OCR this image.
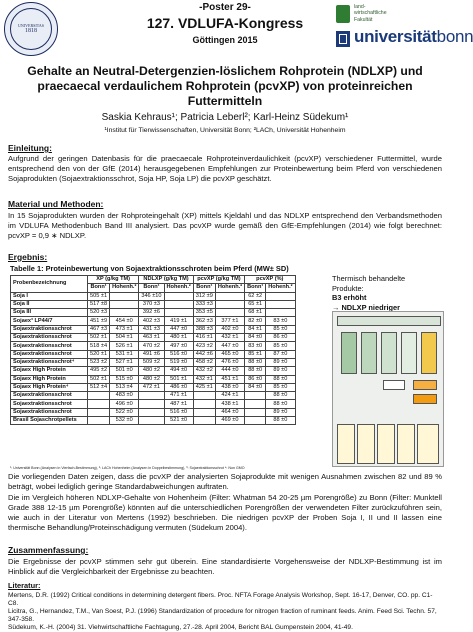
UNIVERSITAS
1818
-Poster 29-
127. VDLUFA-Kongress
Göttingen 2015
land-
wirtschaftliche
Fakultät
universitätbonn
Gehalte an Neutral-Detergenzien-löslichem Rohprotein (NDLXP) und praecaecal verdaulichem Rohprotein (pcvXP) von proteinreichen Futtermitteln
Saskia Kehraus¹; Patricia Leberl²; Karl-Heinz Südekum¹
¹Institut für Tierwissenschaften, Universität Bonn; ²LACh, Universität Hohenheim
Einleitung:
Aufgrund der geringen Datenbasis für die praecaecale Rohproteinverdaulichkeit (pcvXP) verschiedener Futtermittel, wurde entsprechend den von der GfE (2014) herausgegebenen Empfehlungen zur Proteinbewertung beim Pferd von verschiedenen Sojaprodukten (Sojaextraktionsschrot, Soja HP, Soja LP) die pcvXP geschätzt.
Material und Methoden:
In 15 Sojaprodukten wurden der Rohproteingehalt (XP) mittels Kjeldahl und das NDLXP entsprechend den Verbandsmethoden im VDLUFA Methodenbuch Band III analysiert. Das pcvXP wurde gemäß den GfE-Empfehlungen (2014) wie folgt berechnet: pcvXP = 0,9 ∗ NDLXP.
Ergebnis:
Tabelle 1: Proteinbewertung von Sojaextraktionsschroten beim Pferd (MW± SD)
Probenbezeichnung	XP (g/kg TM)		NDLXP (g/kg TM)		pcvXP (g/kg TM)		pcvXP (%)	
	Bonn¹	Hohenh.²	Bonn¹	Hohenh.²	Bonn¹	Hohenh.²	Bonn¹	Hohenh.²
Soja I	505 ±1		346 ±10		312 ±9		62 ±2	
Soja II	517 ±8		370 ±3		333 ±3		65 ±1	
Soja III	520 ±3		392 ±6		353 ±5		68 ±1	
Sojaex³ LP44/7	451 ±9	454 ±0	402 ±3	419 ±1	362 ±3	377 ±1	82 ±0	83 ±0
Sojaextraktionsschrot	467 ±3	473 ±1	431 ±3	447 ±0	388 ±3	402 ±0	84 ±1	85 ±0
Sojaextraktionsschrot	502 ±1	504 ±1	463 ±1	480 ±1	416 ±1	432 ±1	84 ±0	86 ±0
Sojaextraktionsschrot	518 ±4	526 ±1	470 ±2	497 ±0	423 ±2	447 ±0	83 ±0	85 ±0
Sojaextraktionsschrot	520 ±1	531 ±1	491 ±6	516 ±0	442 ±6	465 ±0	85 ±1	87 ±0
Sojaextraktionsschrot⁴	523 ±2	527 ±1	509 ±2	519 ±0	458 ±2	476 ±0	88 ±0	89 ±0
Sojaex High Protein	495 ±2	501 ±0	480 ±2	494 ±0	432 ±2	444 ±0	88 ±0	89 ±0
Sojaex High Protein	502 ±1	515 ±0	480 ±2	501 ±1	432 ±1	451 ±1	86 ±0	88 ±0
Sojaex High Protein⁴	512 ±4	513 ±4	472 ±1	486 ±0	425 ±1	438 ±0	84 ±0	85 ±0
Sojaextraktionsschrot		483 ±0		471 ±1		424 ±1		88 ±0
Sojaextraktionsschrot		496 ±0		487 ±1		438 ±1		88 ±0
Sojaextraktionsschrot		522 ±0		516 ±0		464 ±0		89 ±0
Brasil Sojaschrotpellets		532 ±0		521 ±0		469 ±0		88 ±0
¹: Universität Bonn (Analysen in Vierfach-Bestimmung), ²: LACh Hohenheim (Analysen in Doppelbestimmung), ³: Sojaextraktionsschrot ⁴: Non GMO
Thermisch behandelte
Produkte:
B3 erhöht
→ NDLXP niedriger
Die vorliegenden Daten zeigen, dass die pcvXP der analysierten Sojaprodukte mit wenigen Ausnahmen zwischen 82 und 89 % beträgt, wobei lediglich geringe Standardabweichungen auftraten.
Die im Vergleich höheren NDLXP-Gehalte von Hohenheim (Filter: Whatman 54 20-25 µm Porengröße) zu Bonn (Filter: Munktell Grade 388 12-15 µm Porengröße) könnten auf die unterschiedlichen Porengrößen der verwendeten Filter zurückzuführen sein, wie auch in der Literatur von Mertens (1992) beschrieben. Die niedrigen pcvXP der Proben Soja I, II und II lassen eine thermische Behandlung/Proteinschädigung vermuten (Südekum 2004).
Zusammenfassung:
Die Ergebnisse der pcvXP stimmen sehr gut überein. Eine standardisierte Vorgehensweise der NDLXP-Bestimmung ist im Hinblick auf die Vergleichbarkeit der Ergebnisse zu beachten.
Literatur:
Mertens, D.R. (1992) Critical conditions in determining detergent fibers. Proc. NFTA Forage Analysis Workshop, Sept. 16-17, Denver, CO. pp. C1-C8.
Licitra, G., Hernandez, T.M., Van Soest, P.J. (1996) Standardization of procedure for nitrogen fraction of ruminant feeds. Anim. Feed Sci. Techn. 57, 347-358.
Südekum, K.-H. (2004) 31. Viehwirtschaftliche Fachtagung, 27.-28. April 2004, Bericht BAL Gumpenstein 2004, 41-49.
